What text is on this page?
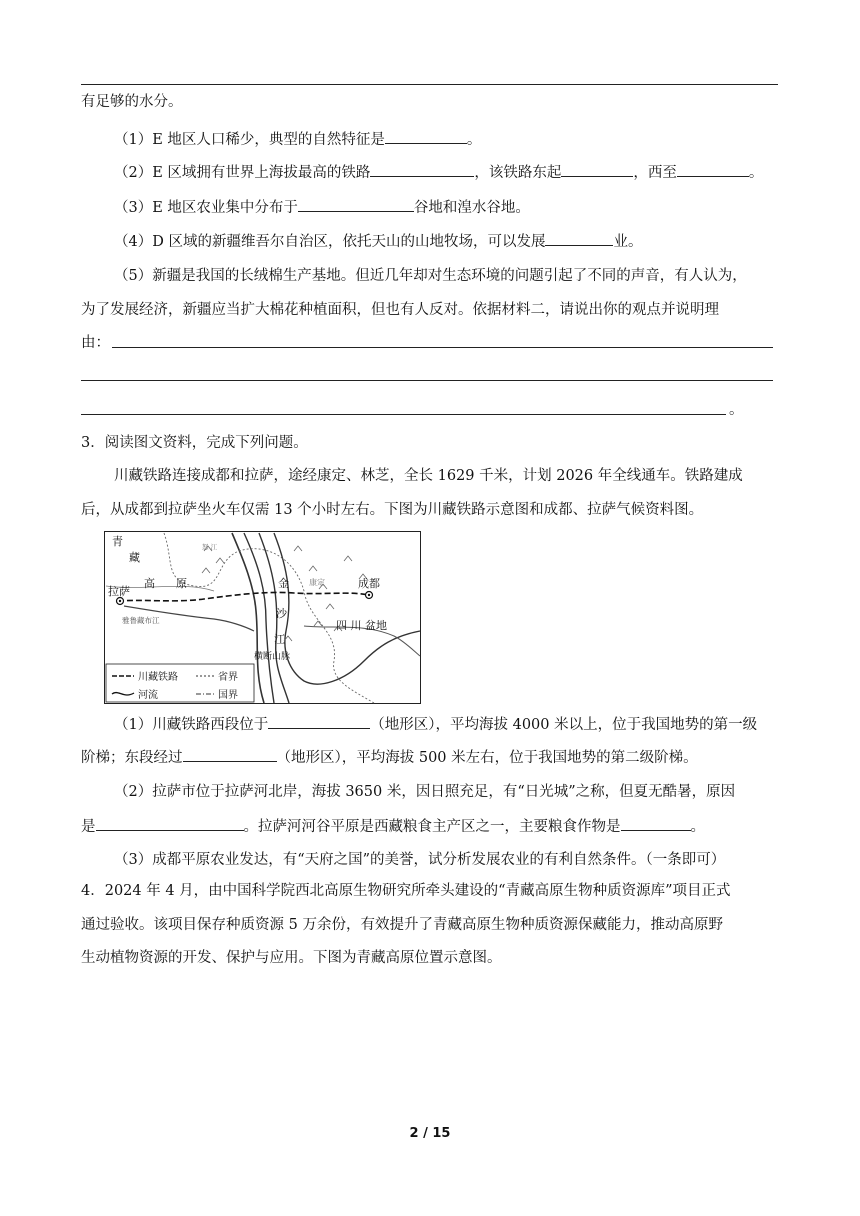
有足够的水分。
（1）E 地区人口稀少，典型的自然特征是	。
（2）E 区域拥有世界上海拔最高的铁路	，该铁路东起	，西至	。
（3）E 地区农业集中分布于	谷地和湟水谷地。
（4）D 区域的新疆维吾尔自治区，依托天山的山地牧场，可以发展	业。
（5）新疆是我国的长绒棉生产基地。但近几年却对生态环境的问题引起了不同的声音，有人认为，
为了发展经济，新疆应当扩大棉花种植面积，但也有人反对。依据材料二，请说出你的观点并说明理
由：
。
3．阅读图文资料，完成下列问题。
川藏铁路连接成都和拉萨，途经康定、林芝，全长 1629 千米，计划 2026 年全线通车。铁路建成
后，从成都到拉萨坐火车仅需 13 个小时左右。下图为川藏铁路示意图和成都、拉萨气候资料图。
青
藏
高 原
拉萨
成都
康定
雅鲁藏布江
金
沙
江
四 川 盆地
横断山脉
怒 江
川藏铁路
河流
省界
国界
（1）川藏铁路西段位于	（地形区），平均海拔 4000 米以上，位于我国地势的第一级
阶梯；东段经过	（地形区），平均海拔 500 米左右，位于我国地势的第二级阶梯。
（2）拉萨市位于拉萨河北岸，海拔 3650 米，因日照充足，有“日光城”之称，但夏无酷暑，原因
是	。拉萨河河谷平原是西藏粮食主产区之一，主要粮食作物是	。
（3）成都平原农业发达，有“天府之国”的美誉，试分析发展农业的有利自然条件。（一条即可）
4．2024 年 4 月，由中国科学院西北高原生物研究所牵头建设的“青藏高原生物种质资源库”项目正式
通过验收。该项目保存种质资源 5 万余份，有效提升了青藏高原生物种质资源保藏能力，推动高原野
生动植物资源的开发、保护与应用。下图为青藏高原位置示意图。
2 / 15
